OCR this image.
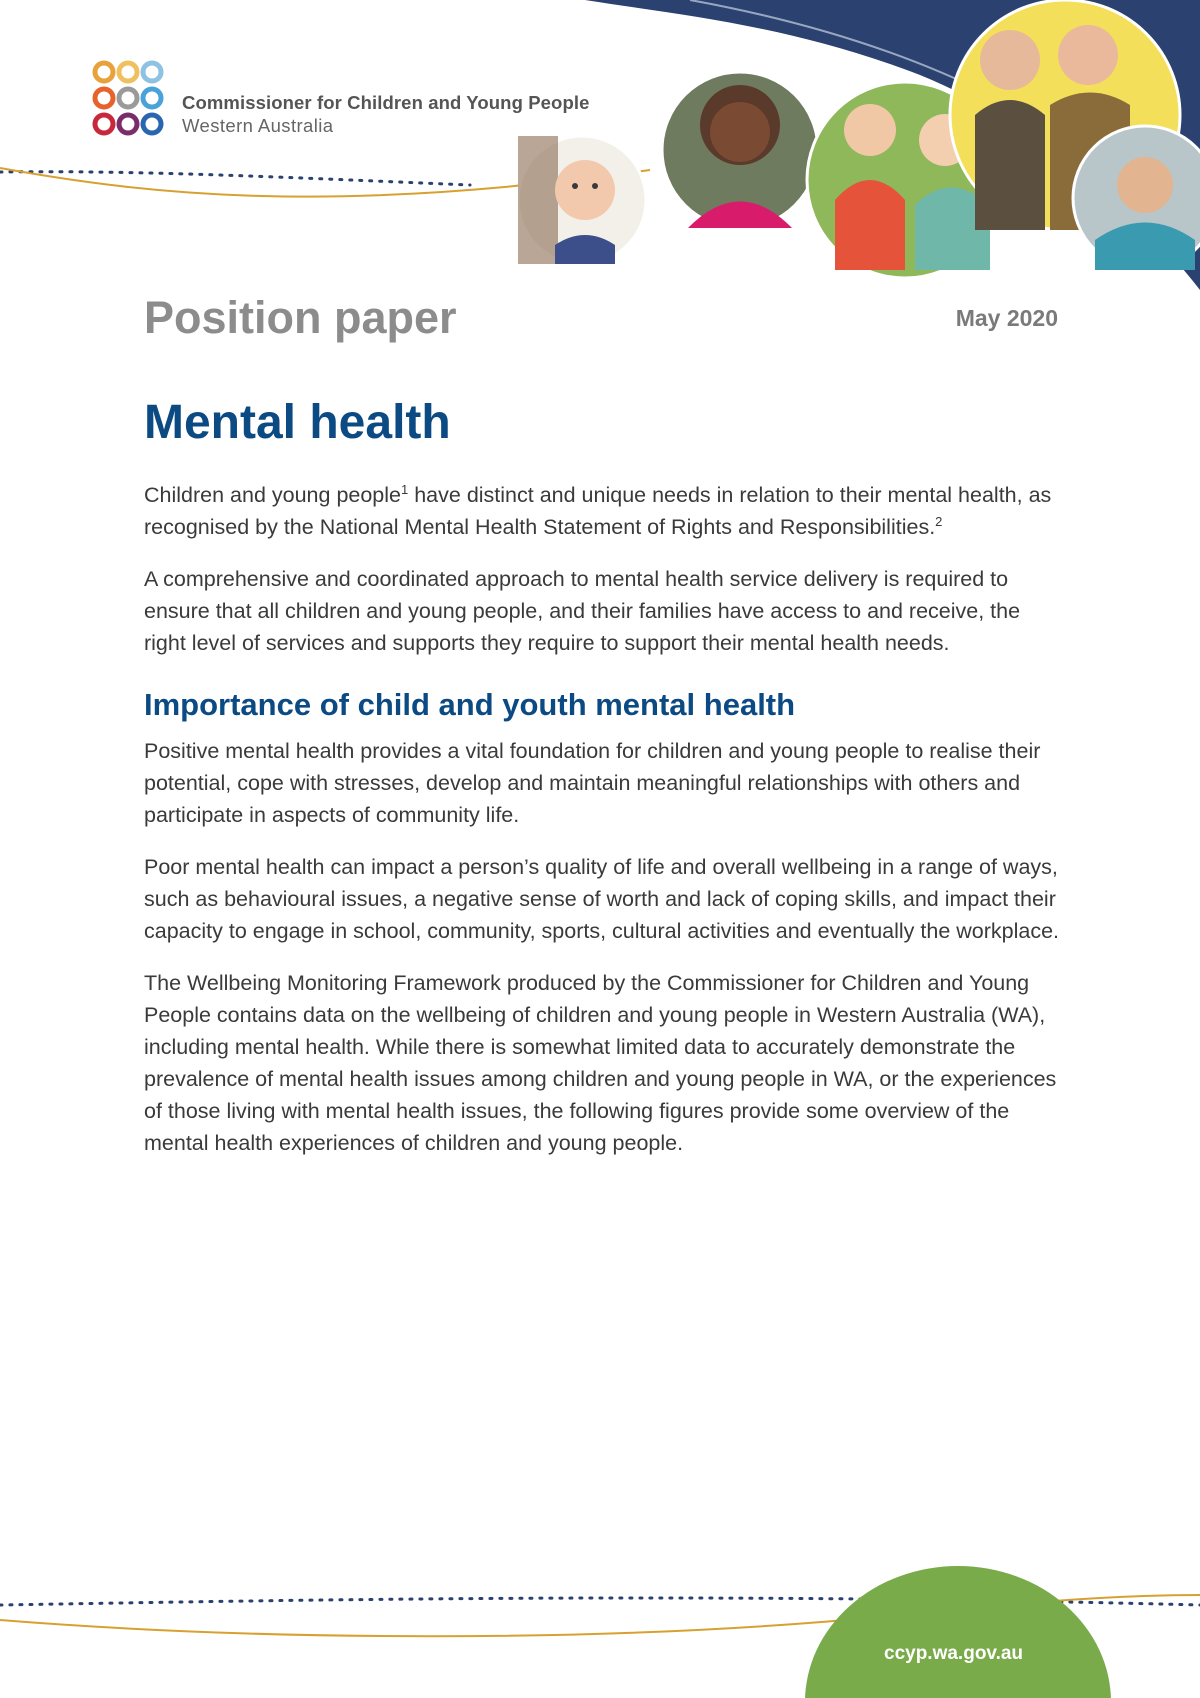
Commissioner for Children and Young People
Western Australia
Position paper	May 2020
Mental health

Children and young people$^1$ have distinct and unique needs in relation to their mental health, as recognised by the National Mental Health Statement of Rights and Responsibilities.$^2$

A comprehensive and coordinated approach to mental health service delivery is required to ensure that all children and young people, and their families have access to and receive, the right level of services and supports they require to support their mental health needs.

Importance of child and youth mental health

Positive mental health provides a vital foundation for children and young people to realise their potential, cope with stresses, develop and maintain meaningful relationships with others and participate in aspects of community life.

Poor mental health can impact a person’s quality of life and overall wellbeing in a range of ways, such as behavioural issues, a negative sense of worth and lack of coping skills, and impact their capacity to engage in school, community, sports, cultural activities and eventually the workplace.

The Wellbeing Monitoring Framework produced by the Commissioner for Children and Young People contains data on the wellbeing of children and young people in Western Australia (WA), including mental health. While there is somewhat limited data to accurately demonstrate the prevalence of mental health issues among children and young people in WA, or the experiences of those living with mental health issues, the following figures provide some overview of the mental health experiences of children and young people.

ccyp.wa.gov.au
